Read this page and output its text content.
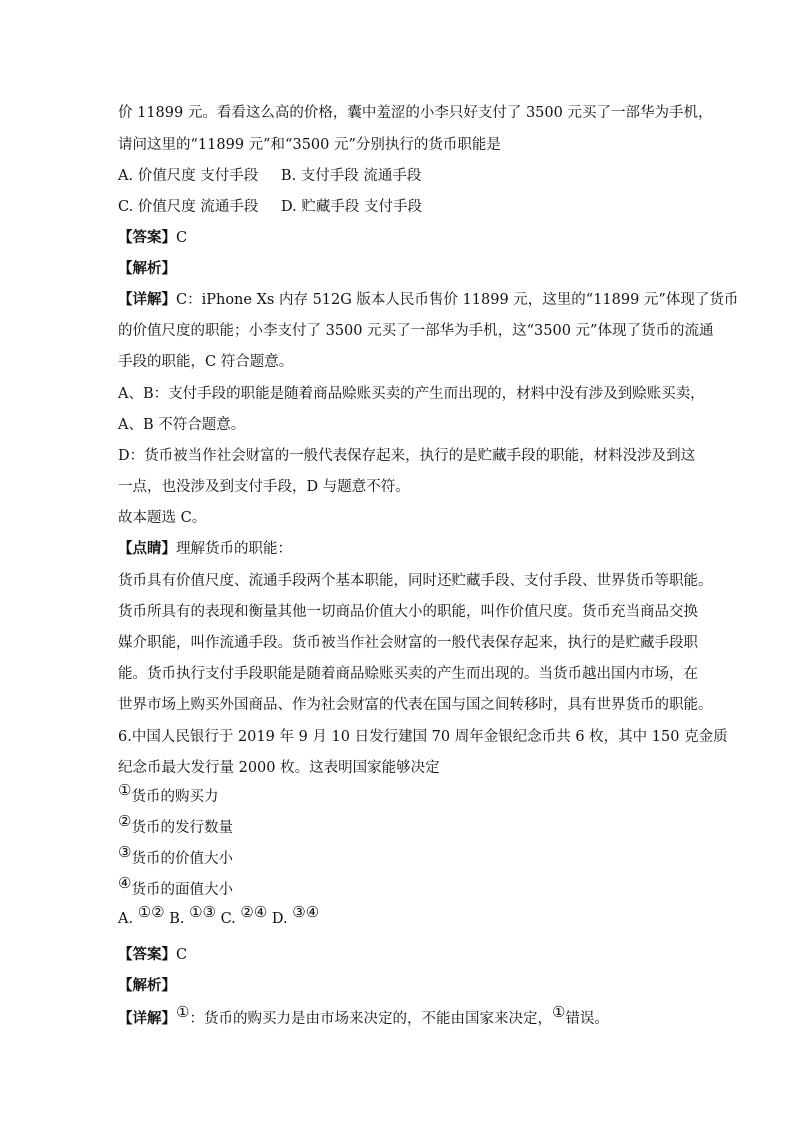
价 11899 元。看看这么高的价格，囊中羞涩的小李只好支付了 3500 元买了一部华为手机，
请问这里的“11899 元”和“3500 元”分别执行的货币职能是
A. 价值尺度 支付手段 B. 支付手段 流通手段
C. 价值尺度 流通手段 D. 贮藏手段 支付手段
【答案】C
【解析】
【详解】C：iPhone Xs 内存 512G 版本人民币售价 11899 元，这里的“11899 元”体现了货币
的价值尺度的职能；小李支付了 3500 元买了一部华为手机，这“3500 元”体现了货币的流通
手段的职能，C 符合题意。
A、B：支付手段的职能是随着商品赊账买卖的产生而出现的，材料中没有涉及到赊账买卖，
A、B 不符合题意。
D：货币被当作社会财富的一般代表保存起来，执行的是贮藏手段的职能，材料没涉及到这
一点，也没涉及到支付手段，D 与题意不符。
故本题选 C。
【点睛】理解货币的职能：
货币具有价值尺度、流通手段两个基本职能，同时还贮藏手段、支付手段、世界货币等职能。
货币所具有的表现和衡量其他一切商品价值大小的职能，叫作价值尺度。货币充当商品交换
媒介职能，叫作流通手段。货币被当作社会财富的一般代表保存起来，执行的是贮藏手段职
能。货币执行支付手段职能是随着商品赊账买卖的产生而出现的。当货币越出国内市场，在
世界市场上购买外国商品、作为社会财富的代表在国与国之间转移时，具有世界货币的职能。
6.中国人民银行于 2019 年 9 月 10 日发行建国 70 周年金银纪念币共 6 枚，其中 150 克金质
纪念币最大发行量 2000 枚。这表明国家能够决定
①货币的购买力
②货币的发行数量
③货币的价值大小
④货币的面值大小
A. ①② B. ①③ C. ②④ D. ③④
【答案】C
【解析】
【详解】①：货币的购买力是由市场来决定的，不能由国家来决定，①错误。
